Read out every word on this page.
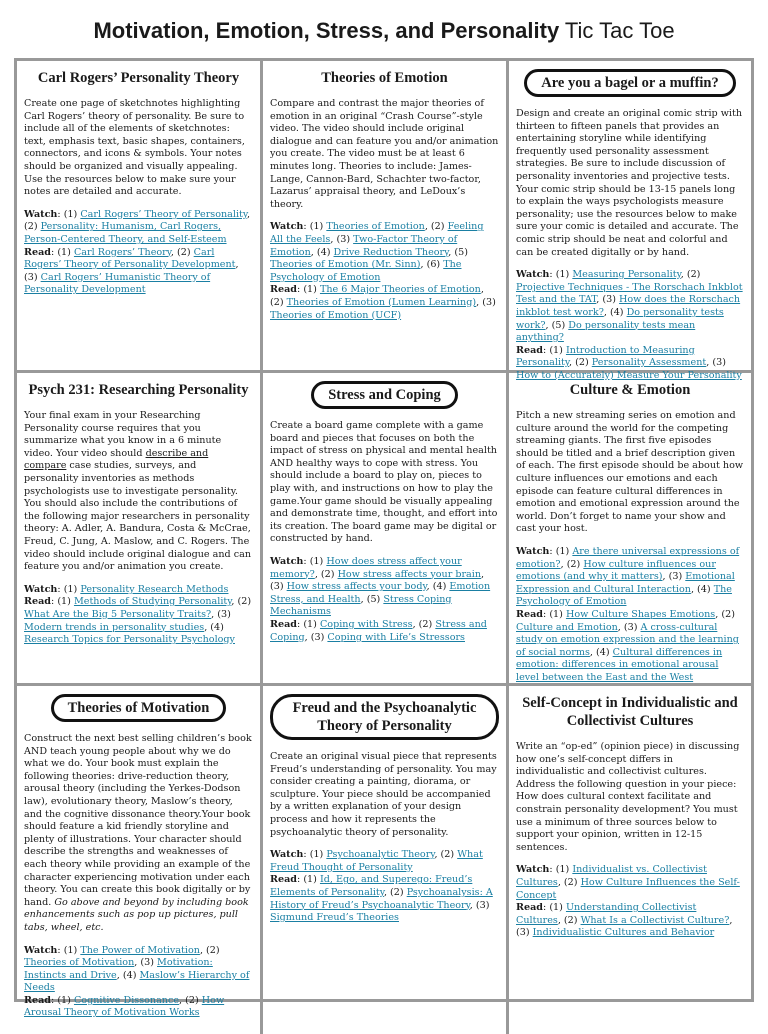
Motivation, Emotion, Stress, and Personality Tic Tac Toe
Carl Rogers’ Personality Theory

Create one page of sketchnotes highlighting Carl Rogers’ theory of personality. Be sure to include all of the elements of sketchnotes: text, emphasis text, basic shapes, containers, connectors, and icons & symbols. Your notes should be organized and visually appealing. Use the resources below to make sure your notes are detailed and accurate.

Watch: (1) Carl Rogers’ Theory of Personality, (2) Personality: Humanism, Carl Rogers, Person-Centered Theory, and Self-Esteem

Read: (1) Carl Rogers’ Theory, (2) Carl Rogers’ Theory of Personality Development, (3) Carl Rogers’ Humanistic Theory of Personality Development

Theories of Emotion

Compare and contrast the major theories of emotion in an original “Crash Course”-style video. The video should include original dialogue and can feature you and/or animation you create. The video must be at least 6 minutes long. Theories to include: James-Lange, Cannon-Bard, Schachter two-factor, Lazarus’ appraisal theory, and LeDoux’s theory.

Watch: (1) Theories of Emotion, (2) Feeling All the Feels, (3) Two-Factor Theory of Emotion, (4) Drive Reduction Theory, (5) Theories of Emotion (Mr. Sinn), (6) The Psychology of Emotion

Read: (1) The 6 Major Theories of Emotion, (2) Theories of Emotion (Lumen Learning), (3) Theories of Emotion (UCF)

Are you a bagel or a muffin?

Design and create an original comic strip with thirteen to fifteen panels that provides an entertaining storyline while identifying frequently used personality assessment strategies. Be sure to include discussion of personality inventories and projective tests. Your comic strip should be 13-15 panels long to explain the ways psychologists measure personality; use the resources below to make sure your comic is detailed and accurate. The comic strip should be neat and colorful and can be created digitally or by hand.

Watch: (1) Measuring Personality, (2) Projective Techniques - The Rorschach Inkblot Test and the TAT, (3) How does the Rorschach inkblot test work?, (4) Do personality tests work?, (5) Do personality tests mean anything?

Read: (1) Introduction to Measuring Personality, (2) Personality Assessment, (3) How to (Accurately) Measure Your Personality

Psych 231: Researching Personality

Your final exam in your Researching Personality course requires that you summarize what you know in a 6 minute video. Your video should describe and compare case studies, surveys, and personality inventories as methods psychologists use to investigate personality. You should also include the contributions of the following major researchers in personality theory: A. Adler, A. Bandura, Costa & McCrae, Freud, C. Jung, A. Maslow, and C. Rogers. The video should include original dialogue and can feature you and/or animation you create.

Watch: (1) Personality Research Methods

Read: (1) Methods of Studying Personality, (2) What Are the Big 5 Personality Traits?, (3) Modern trends in personality studies, (4) Research Topics for Personality Psychology

Stress and Coping

Create a board game complete with a game board and pieces that focuses on both the impact of stress on physical and mental health AND healthy ways to cope with stress. You should include a board to play on, pieces to play with, and instructions on how to play the game.Your game should be visually appealing and demonstrate time, thought, and effort into its creation. The board game may be digital or constructed by hand.

Watch: (1) How does stress affect your memory?, (2) How stress affects your brain, (3) How stress affects your body, (4) Emotion Stress, and Health, (5) Stress Coping Mechanisms

Read: (1) Coping with Stress, (2) Stress and Coping, (3) Coping with Life’s Stressors

Culture & Emotion

Pitch a new streaming series on emotion and culture around the world for the competing streaming giants. The first five episodes should be titled and a brief description given of each. The first episode should be about how culture influences our emotions and each episode can feature cultural differences in emotion and emotional expression around the world. Don’t forget to name your show and cast your host.

Watch: (1) Are there universal expressions of emotion?, (2) How culture influences our emotions (and why it matters), (3) Emotional Expression and Cultural Interaction, (4) The Psychology of Emotion

Read: (1) How Culture Shapes Emotions, (2) Culture and Emotion, (3) A cross-cultural study on emotion expression and the learning of social norms, (4) Cultural differences in emotion: differences in emotional arousal level between the East and the West

Theories of Motivation

Construct the next best selling children’s book AND teach young people about why we do what we do. Your book must explain the following theories: drive-reduction theory, arousal theory (including the Yerkes-Dodson law), evolutionary theory, Maslow’s theory, and the cognitive dissonance theory.Your book should feature a kid friendly storyline and plenty of illustrations. Your character should describe the strengths and weaknesses of each theory while providing an example of the character experiencing motivation under each theory. You can create this book digitally or by hand. Go above and beyond by including book enhancements such as pop up pictures, pull tabs, wheel, etc.

Watch: (1) The Power of Motivation, (2) Theories of Motivation, (3) Motivation: Instincts and Drive, (4) Maslow’s Hierarchy of Needs

Read: (1) Cognitive Dissonance, (2) How Arousal Theory of Motivation Works

Freud and the Psychoanalytic Theory of Personality

Create an original visual piece that represents Freud’s understanding of personality. You may consider creating a painting, diorama, or sculpture. Your piece should be accompanied by a written explanation of your design process and how it represents the psychoanalytic theory of personality.

Watch: (1) Psychoanalytic Theory, (2) What Freud Thought of Personality

Read: (1) Id, Ego, and Superego: Freud’s Elements of Personality, (2) Psychoanalysis: A History of Freud’s Psychoanalytic Theory, (3) Sigmund Freud’s Theories

Self-Concept in Individualistic and Collectivist Cultures

Write an “op-ed” (opinion piece) in discussing how one’s self-concept differs in individualistic and collectivist cultures. Address the following question in your piece: How does cultural context facilitate and constrain personality development? You must use a minimum of three sources below to support your opinion, written in 12-15 sentences.

Watch: (1) Individualist vs. Collectivist Cultures, (2) How Culture Influences the Self-Concept

Read: (1) Understanding Collectivist Cultures, (2) What Is a Collectivist Culture?, (3) Individualistic Cultures and Behavior
